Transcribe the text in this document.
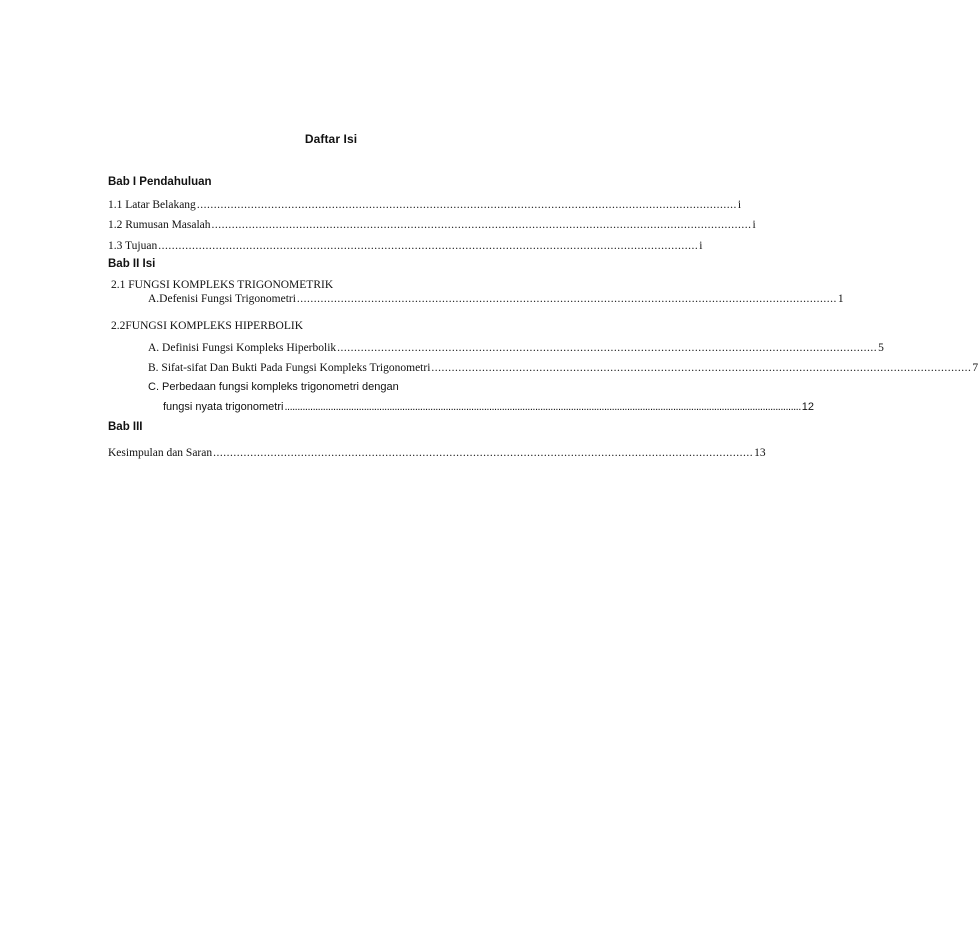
Daftar Isi
Bab I Pendahuluan
1.1 Latar Belakang ................................................................................................................................................................ i
1.2 Rumusan Masalah ................................................................................................................................................................ i
1.3 Tujuan ................................................................................................................................................................ i
Bab II Isi
2.1 FUNGSI KOMPLEKS TRIGONOMETRIK
A.Defenisi Fungsi Trigonometri ................................................................................................................................................................ 1
2.2FUNGSI KOMPLEKS HIPERBOLIK
A. Definisi Fungsi Kompleks Hiperbolik ................................................................................................................................................................ 5
B. Sifat-sifat Dan Bukti Pada Fungsi Kompleks Trigonometri ................................................................................................................................................................ 7
C. Perbedaan fungsi kompleks trigonometri dengan
fungsi nyata trigonometri .......................................................................................................................................................................................................... 12
Bab III
Kesimpulan dan Saran ................................................................................................................................................................ 13
